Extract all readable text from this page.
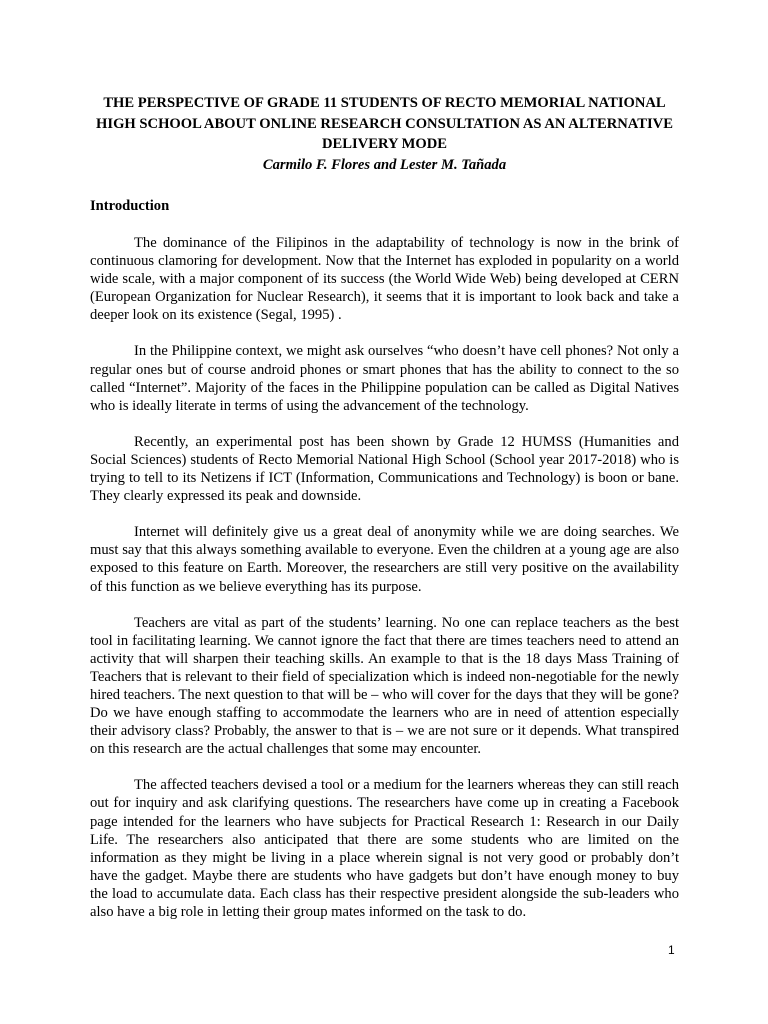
THE PERSPECTIVE OF GRADE 11 STUDENTS OF RECTO MEMORIAL NATIONAL HIGH SCHOOL ABOUT ONLINE RESEARCH CONSULTATION AS AN ALTERNATIVE DELIVERY MODE

Carmilo F. Flores and Lester M. Tañada

Introduction

The dominance of the Filipinos in the adaptability of technology is now in the brink of continuous clamoring for development. Now that the Internet has exploded in popularity on a world wide scale, with a major component of its success (the World Wide Web) being developed at CERN (European Organization for Nuclear Research), it seems that it is important to look back and take a deeper look on its existence (Segal, 1995) .

In the Philippine context, we might ask ourselves “who doesn’t have cell phones? Not only a regular ones but of course android phones or smart phones that has the ability to connect to the so called “Internet”. Majority of the faces in the Philippine population can be called as Digital Natives who is ideally literate in terms of using the advancement of the technology.

Recently, an experimental post has been shown by Grade 12 HUMSS (Humanities and Social Sciences) students of Recto Memorial National High School (School year 2017-2018) who is trying to tell to its Netizens if ICT (Information, Communications and Technology) is boon or bane. They clearly expressed its peak and downside.

Internet will definitely give us a great deal of anonymity while we are doing searches. We must say that this always something available to everyone. Even the children at a young age are also exposed to this feature on Earth. Moreover, the researchers are still very positive on the availability of this function as we believe everything has its purpose.

Teachers are vital as part of the students’ learning. No one can replace teachers as the best tool in facilitating learning. We cannot ignore the fact that there are times teachers need to attend an activity that will sharpen their teaching skills. An example to that is the 18 days Mass Training of Teachers that is relevant to their field of specialization which is indeed non-negotiable for the newly hired teachers. The next question to that will be – who will cover for the days that they will be gone? Do we have enough staffing to accommodate the learners who are in need of attention especially their advisory class? Probably, the answer to that is – we are not sure or it depends. What transpired on this research are the actual challenges that some may encounter.

The affected teachers devised a tool or a medium for the learners whereas they can still reach out for inquiry and ask clarifying questions. The researchers have come up in creating a Facebook page intended for the learners who have subjects for Practical Research 1: Research in our Daily Life. The researchers also anticipated that there are some students who are limited on the information as they might be living in a place wherein signal is not very good or probably don’t have the gadget. Maybe there are students who have gadgets but don’t have enough money to buy the load to accumulate data. Each class has their respective president alongside the sub-leaders who also have a big role in letting their group mates informed on the task to do.

1
